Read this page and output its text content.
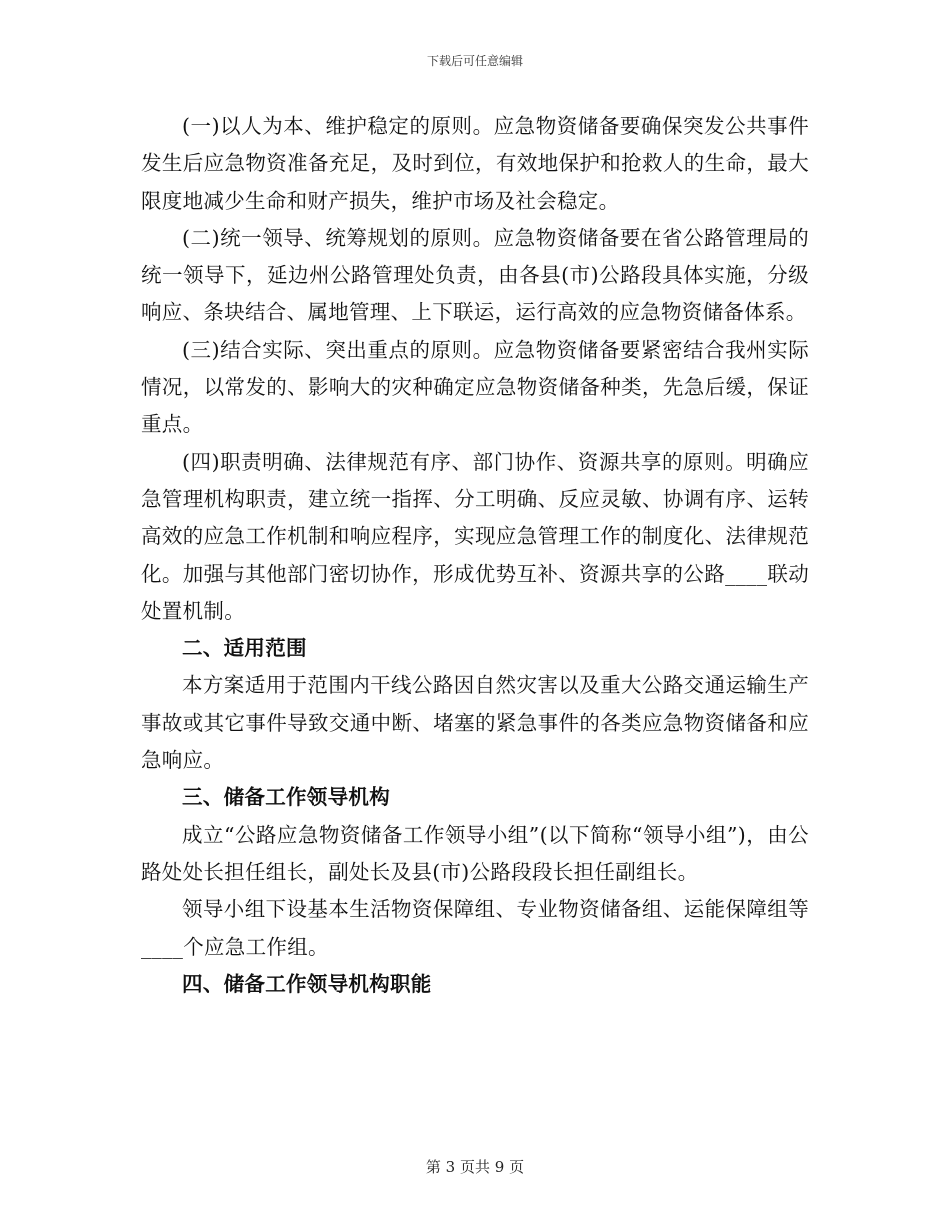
下载后可任意编辑

(一)以人为本、维护稳定的原则。应急物资储备要确保突发公共事件发生后应急物资准备充足，及时到位，有效地保护和抢救人的生命，最大限度地减少生命和财产损失，维护市场及社会稳定。

(二)统一领导、统筹规划的原则。应急物资储备要在省公路管理局的统一领导下，延边州公路管理处负责，由各县(市)公路段具体实施，分级响应、条块结合、属地管理、上下联运，运行高效的应急物资储备体系。

(三)结合实际、突出重点的原则。应急物资储备要紧密结合我州实际情况，以常发的、影响大的灾种确定应急物资储备种类，先急后缓，保证重点。

(四)职责明确、法律规范有序、部门协作、资源共享的原则。明确应急管理机构职责，建立统一指挥、分工明确、反应灵敏、协调有序、运转高效的应急工作机制和响应程序，实现应急管理工作的制度化、法律规范化。加强与其他部门密切协作，形成优势互补、资源共享的公路____联动处置机制。

二、适用范围

本方案适用于范围内干线公路因自然灾害以及重大公路交通运输生产事故或其它事件导致交通中断、堵塞的紧急事件的各类应急物资储备和应急响应。

三、储备工作领导机构

成立“公路应急物资储备工作领导小组”(以下简称“领导小组”)，由公路处处长担任组长，副处长及县(市)公路段段长担任副组长。

领导小组下设基本生活物资保障组、专业物资储备组、运能保障组等____个应急工作组。

四、储备工作领导机构职能

第 3 页共 9 页
